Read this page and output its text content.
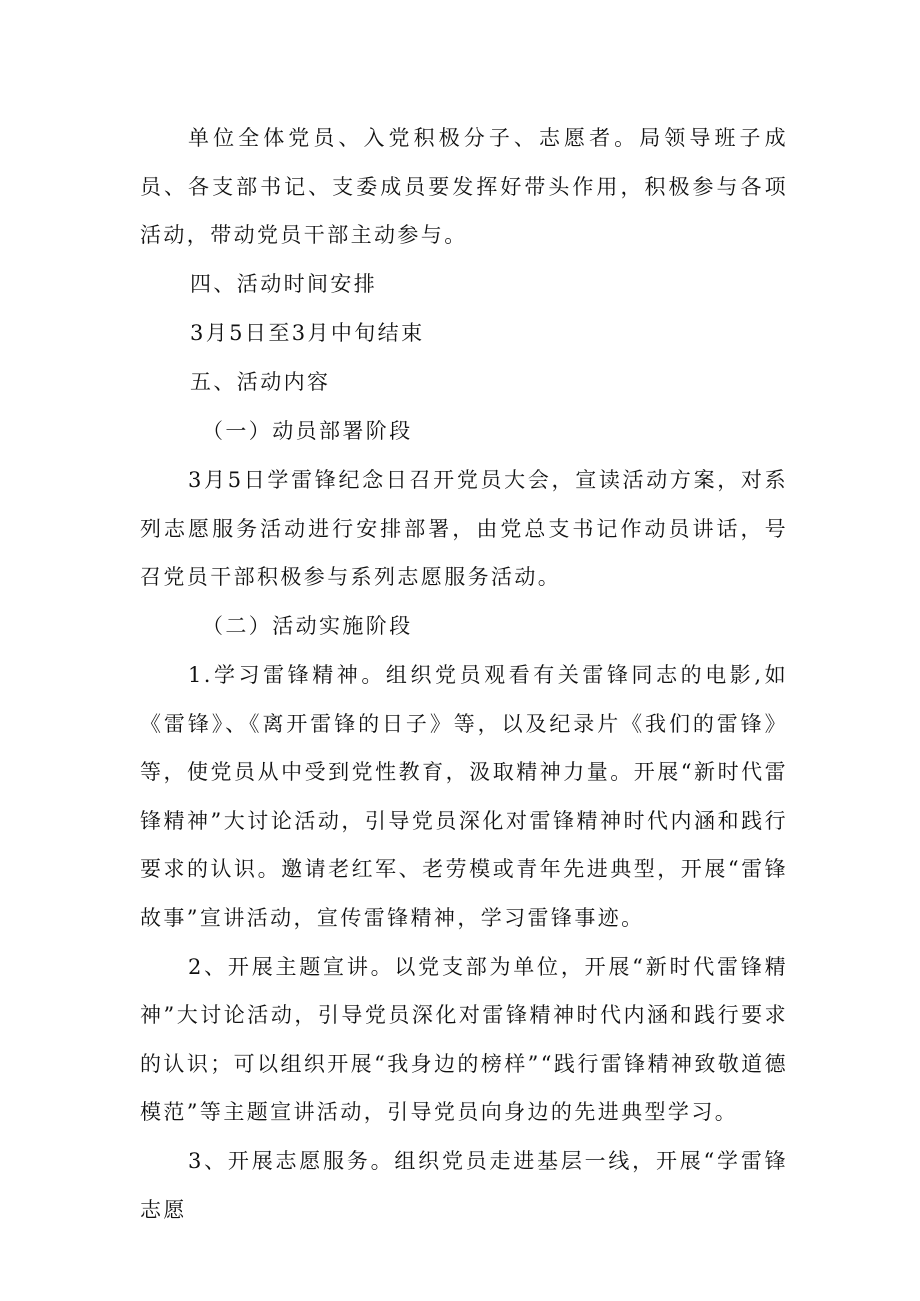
单位全体党员、入党积极分子、志愿者。局领导班子成员、各支部书记、支委成员要发挥好带头作用，积极参与各项活动，带动党员干部主动参与。

四、活动时间安排

3月5日至3月中旬结束

五、活动内容

（一）动员部署阶段

3月5日学雷锋纪念日召开党员大会，宣读活动方案，对系列志愿服务活动进行安排部署，由党总支书记作动员讲话，号召党员干部积极参与系列志愿服务活动。

（二）活动实施阶段

1.学习雷锋精神。组织党员观看有关雷锋同志的电影,如《雷锋》、《离开雷锋的日子》等，以及纪录片《我们的雷锋》等，使党员从中受到党性教育，汲取精神力量。开展“新时代雷锋精神”大讨论活动，引导党员深化对雷锋精神时代内涵和践行要求的认识。邀请老红军、老劳模或青年先进典型，开展“雷锋故事”宣讲活动，宣传雷锋精神，学习雷锋事迹。

2、开展主题宣讲。以党支部为单位，开展“新时代雷锋精神”大讨论活动，引导党员深化对雷锋精神时代内涵和践行要求的认识；可以组织开展“我身边的榜样”“践行雷锋精神致敬道德模范”等主题宣讲活动，引导党员向身边的先进典型学习。

3、开展志愿服务。组织党员走进基层一线，开展“学雷锋志愿
